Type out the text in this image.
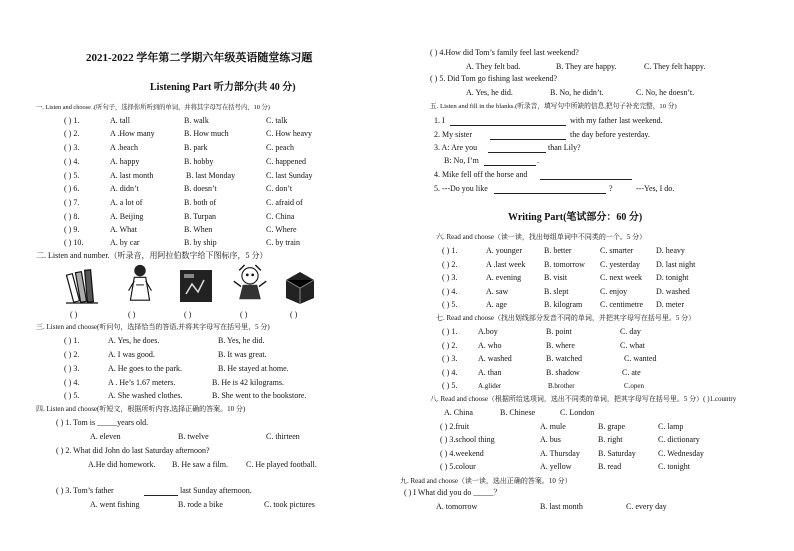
2021-2022 学年第二学期六年级英语随堂练习题
Listening Part 听力部分(共 40 分)
一. Listen and choose .(听句子，选择你所听到的单词，并将其字母写在括号内，10 分)
( ) 1.	A. tall	B. walk	C. talk
( ) 2.	A .How many	B. How much	C. How heavy
( ) 3.	A .beach	B. park	C. peach
( ) 4.	A. happy	B. hobby	C. happened
( ) 5.	A. last month	B. last Monday	C. last Sunday
( ) 6.	A. didn’t	B. doesn’t	C. don’t
( ) 7.	A. a lot of	B. both of	C. afraid of
( ) 8.	A. Beijing	B. Turpan	C. China
( ) 9.	A. What	B. When	C. Where
( ) 10.	A. by car	B. by ship	C. by train
二. Listen and number.（听录音，用阿拉伯数字给下图标序，5 分）
( )	( )	( )	( )	( )
三. Listen and choose(听问句，选择恰当的答语,并将其字母写在括号里，5 分)
( ) 1.	A. Yes, he does.	B. Yes, he did.
( ) 2.	A. I was good.	B. It was great.
( ) 3.	A. He goes to the park.	B. He stayed at home.
( ) 4.	A . He’s 1.67 meters.	B. He is 42 kilograms.
( ) 5.	A. She washed clothes.	B. She went to the bookstore.
四. Listen and choose(听短文，根据所听内容,选择正确的答案。10 分)
( ) 1. Tom is _____years old.
A. eleven	B. twelve	C. thirteen
( ) 2. What did John do last Saturday afternoon?
A.He did homework. B. He saw a film. C. He played football.
( ) 3. Tom’s father	last Sunday afternoon.
A. went fishing	B. rode a bike	C. took pictures
( ) 4.How did Tom’s family feel last weekend?
A. They felt bad.	B. They are happy.	C. They felt happy.
( ) 5. Did Tom go fishing last weekend?
A. Yes, he did.	B. No, he didn’t.	C. No, he doesn’t.
五. Listen and fill in the blanks.(听录音，填写句中所缺的信息,把句子补充完整，10 分)
1. I	with my father last weekend.
2. My sister	the day before yesterday.
3. A: Are you	than Lily?
B: No, I’m	.
4. Mike fell off the horse and
5. ---Do you like	?	---Yes, I do.
Writing Part(笔试部分：60 分)
六. Read and choose（读一读，找出每组单词中不同类的一个。5 分）
( ) 1.	A. younger	B. better	C. smarter	D. heavy
( ) 2.	A .last week B. tomorrow C. yesterday D. last night
( ) 3.	A. evening	B. visit	C. next week D. tonight
( ) 4.	A. saw	B. slept	C. enjoy	D. washed
( ) 5.	A. age	B. kilogram C. centimetre D. meter
七. Read and choose（找出划线部分发音不同的单词，并把其字母写在括号里。5 分）
( ) 1.	A.boy	B. point	C. day
( ) 2.	A. who	B. where	C. what
( ) 3.	A. washed	B. watched	C. wanted
( ) 4.	A. than	B. shadow	C. ate
( ) 5.	A.glider	B.brother	C.open
八. Read and choose（根据所给选项词，选出不同类的单词，把其字母写在括号里。5 分）( )1.country
A. China	B. Chinese	C. London
( ) 2.fruit	A. mule	B. grape	C. lamp
( ) 3.school thing	A. bus	B. right	C. dictionary
( ) 4.weekend	A. Thursday B. Saturday	C. Wednesday
( ) 5.colour	A. yellow	B. read	C. tonight
九. Read and choose（读一读，选出正确的答案。10 分）
( ) I What did you do _____？
A. tomorrow	B. last month	C. every day
